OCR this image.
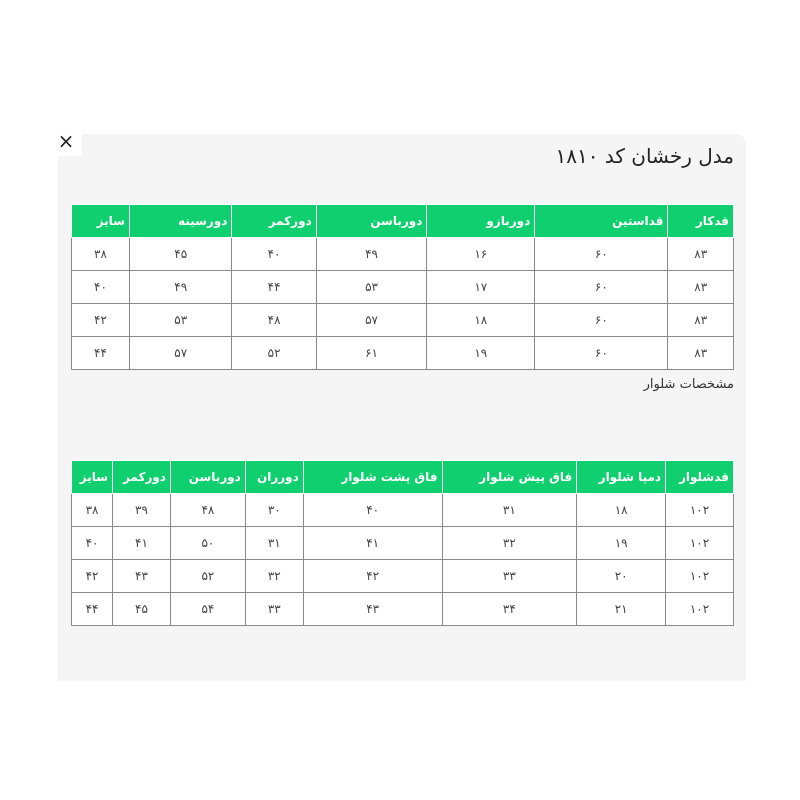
×
مدل رخشان کد ۱۸۱۰
قدکار	قداستین	دوربازو	دورباسن	دورکمر	دورسینه	سایز
۸۳	۶۰	۱۶	۴۹	۴۰	۴۵	۳۸
۸۳	۶۰	۱۷	۵۳	۴۴	۴۹	۴۰
۸۳	۶۰	۱۸	۵۷	۴۸	۵۳	۴۲
۸۳	۶۰	۱۹	۶۱	۵۲	۵۷	۴۴
مشخصات شلوار
قدشلوار	دمپا شلوار	فاق پیش شلوار	فاق پشت شلوار	دورران	دورباسن	دورکمر	سایز
۱۰۲	۱۸	۳۱	۴۰	۳۰	۴۸	۳۹	۳۸
۱۰۲	۱۹	۳۲	۴۱	۳۱	۵۰	۴۱	۴۰
۱۰۲	۲۰	۳۳	۴۲	۳۲	۵۲	۴۳	۴۲
۱۰۲	۲۱	۳۴	۴۳	۳۳	۵۴	۴۵	۴۴
